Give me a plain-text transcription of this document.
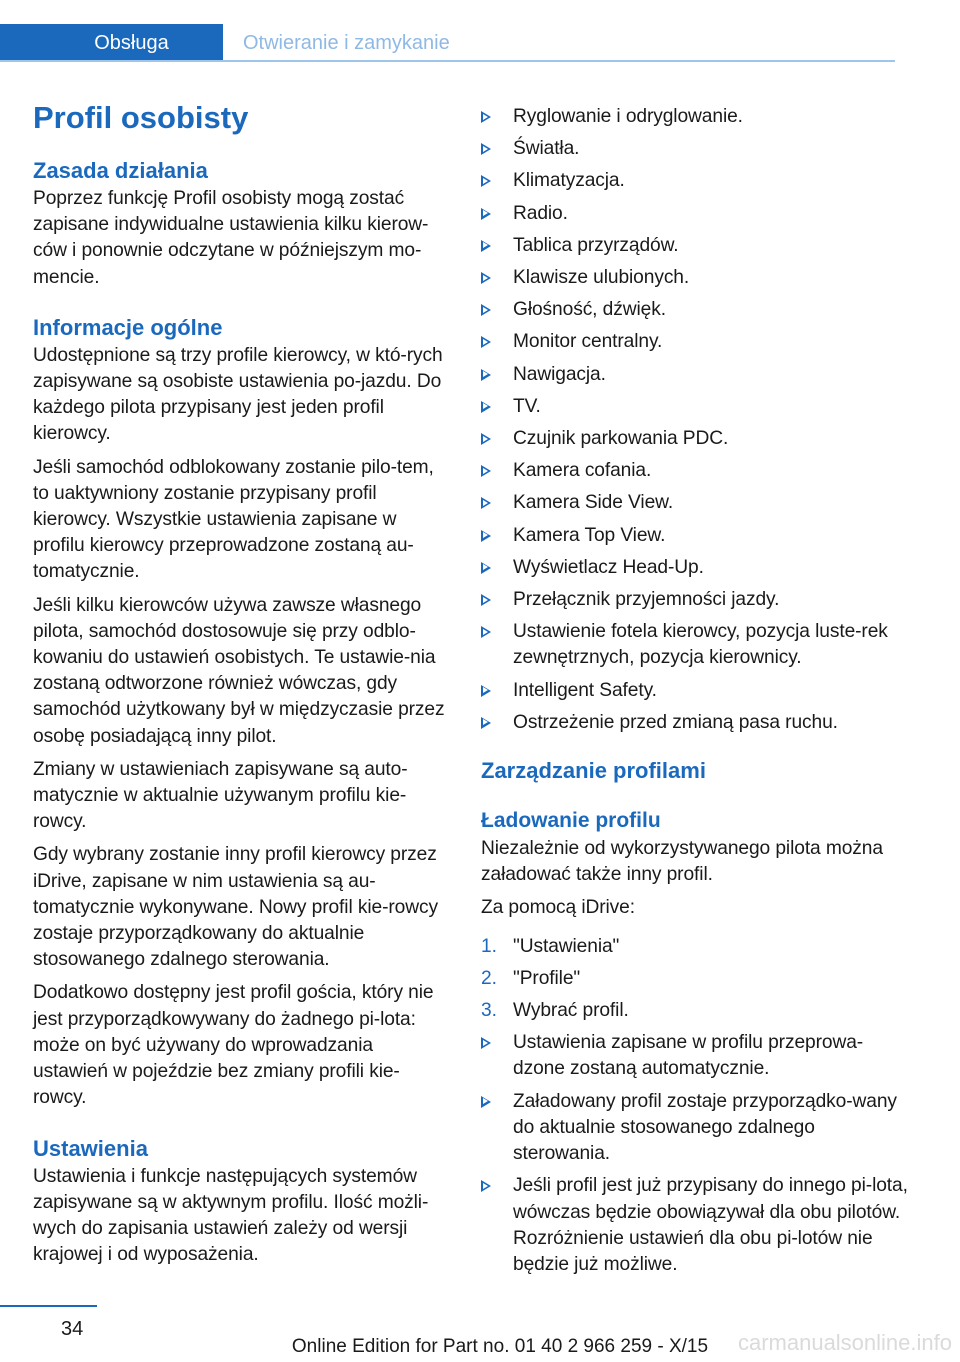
Obsługa	Otwieranie i zamykanie
Profil osobisty
Zasada działania

Poprzez funkcję Profil osobisty mogą zostać zapisane indywidualne ustawienia kilku kierow‐ców i ponownie odczytane w późniejszym mo‐mencie.

Informacje ogólne

Udostępnione są trzy profile kierowcy, w któ‐rych zapisywane są osobiste ustawienia po‐jazdu. Do każdego pilota przypisany jest jeden profil kierowcy.

Jeśli samochód odblokowany zostanie pilo‐tem, to uaktywniony zostanie przypisany profil kierowcy. Wszystkie ustawienia zapisane w profilu kierowcy przeprowadzone zostaną au‐tomatycznie.

Jeśli kilku kierowców używa zawsze własnego pilota, samochód dostosowuje się przy odblo‐kowaniu do ustawień osobistych. Te ustawie‐nia zostaną odtworzone również wówczas, gdy samochód użytkowany był w międzyczasie przez osobę posiadającą inny pilot.

Zmiany w ustawieniach zapisywane są auto‐matycznie w aktualnie używanym profilu kie‐rowcy.

Gdy wybrany zostanie inny profil kierowcy przez iDrive, zapisane w nim ustawienia są au‐tomatycznie wykonywane. Nowy profil kie‐rowcy zostaje przyporządkowany do aktualnie stosowanego zdalnego sterowania.

Dodatkowo dostępny jest profil gościa, który nie jest przyporządkowywany do żadnego pi‐lota: może on być używany do wprowadzania ustawień w pojeździe bez zmiany profili kie‐rowcy.

Ustawienia

Ustawienia i funkcje następujących systemów zapisywane są w aktywnym profilu. Ilość możli‐wych do zapisania ustawień zależy od wersji krajowej i od wyposażenia.

Ryglowanie i odryglowanie.
Światła.
Klimatyzacja.
Radio.
Tablica przyrządów.
Klawisze ulubionych.
Głośność, dźwięk.
Monitor centralny.
Nawigacja.
TV.
Czujnik parkowania PDC.
Kamera cofania.
Kamera Side View.
Kamera Top View.
Wyświetlacz Head-Up.
Przełącznik przyjemności jazdy.
Ustawienie fotela kierowcy, pozycja luste‐rek zewnętrznych, pozycja kierownicy.
Intelligent Safety.
Ostrzeżenie przed zmianą pasa ruchu.
Zarządzanie profilami
Ładowanie profilu

Niezależnie od wykorzystywanego pilota można załadować także inny profil.

Za pomocą iDrive:

1. "Ustawienia"
2. "Profile"
3. Wybrać profil.
Ustawienia zapisane w profilu przeprowa‐dzone zostaną automatycznie.
Załadowany profil zostaje przyporządko‐wany do aktualnie stosowanego zdalnego sterowania.
Jeśli profil jest już przypisany do innego pi‐lota, wówczas będzie obowiązywał dla obu pilotów. Rozróżnienie ustawień dla obu pi‐lotów nie będzie już możliwe.
34
Online Edition for Part no. 01 40 2 966 259 - X/15	carmanualsonline.info
